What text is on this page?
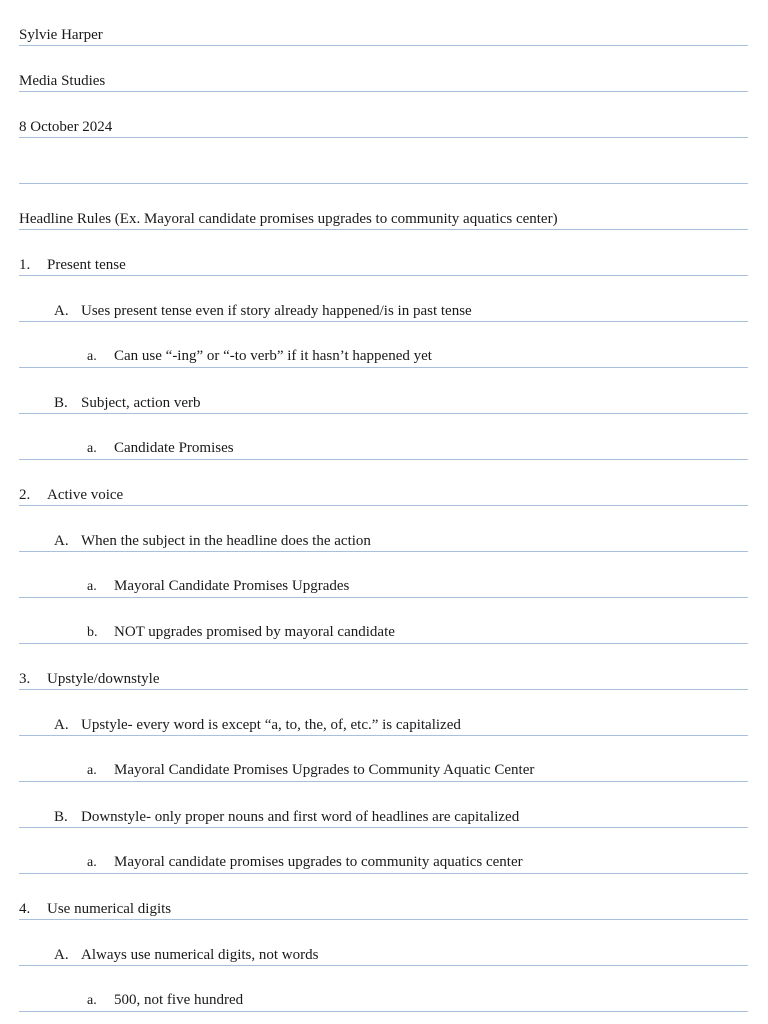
Sylvie Harper
Media Studies
8 October 2024
Headline Rules (Ex. Mayoral candidate promises upgrades to community aquatics center)
1. Present tense
A. Uses present tense even if story already happened/is in past tense
a. Can use “-ing” or “-to verb” if it hasn’t happened yet
B. Subject, action verb
a. Candidate Promises
2. Active voice
A. When the subject in the headline does the action
a. Mayoral Candidate Promises Upgrades
b. NOT upgrades promised by mayoral candidate
3. Upstyle/downstyle
A. Upstyle- every word is except “a, to, the, of, etc.” is capitalized
a. Mayoral Candidate Promises Upgrades to Community Aquatic Center
B. Downstyle- only proper nouns and first word of headlines are capitalized
a. Mayoral candidate promises upgrades to community aquatics center
4. Use numerical digits
A. Always use numerical digits, not words
a. 500, not five hundred
